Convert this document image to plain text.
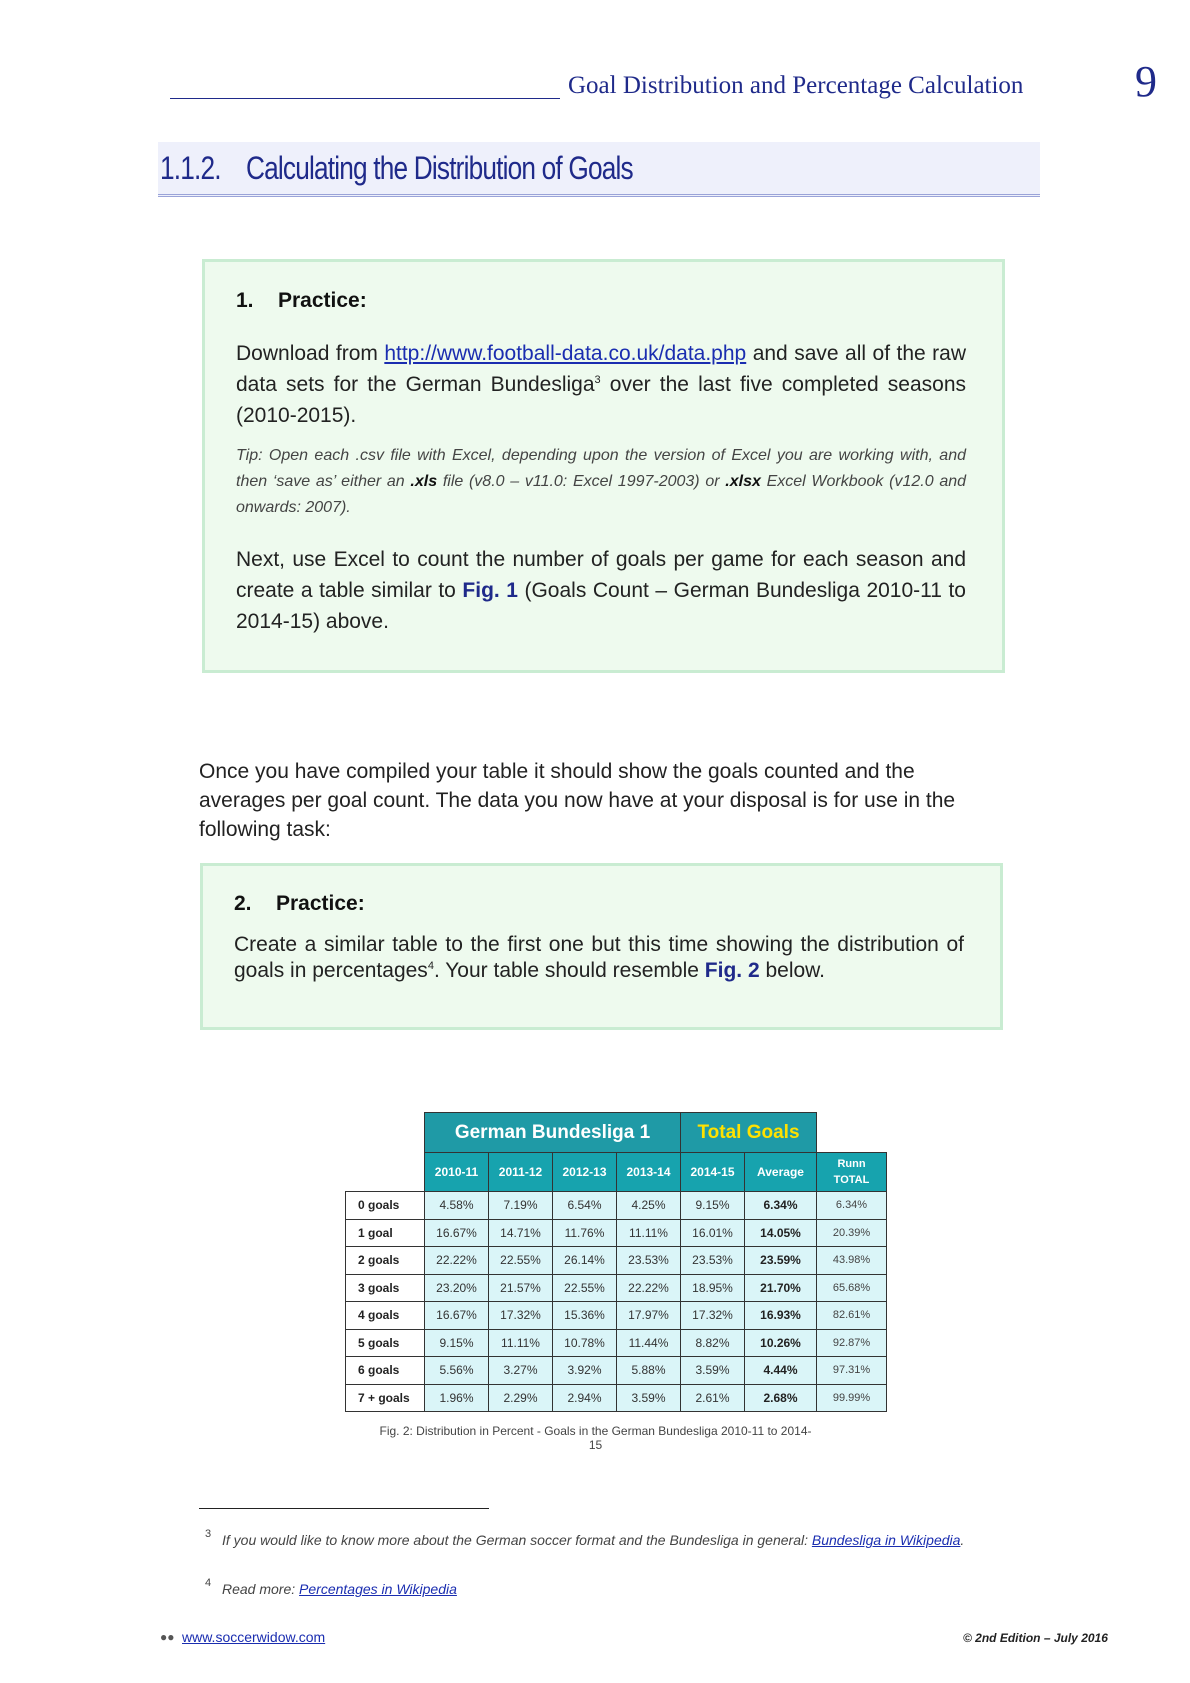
Goal Distribution and Percentage Calculation	9
1.1.2. Calculating the Distribution of Goals
1. Practice:
Download from http://www.football-data.co.uk/data.php and save all of the raw data sets for the German Bundesliga$^3$ over the last five completed seasons (2010-2015).
Tip: Open each .csv file with Excel, depending upon the version of Excel you are working with, and then ‘save as’ either an .xls file (v8.0 – v11.0: Excel 1997-2003) or .xlsx Excel Workbook (v12.0 and onwards: 2007).
Next, use Excel to count the number of goals per game for each season and create a table similar to Fig. 1 (Goals Count – German Bundesliga 2010-11 to 2014-15) above.
Once you have compiled your table it should show the goals counted and the averages per goal count. The data you now have at your disposal is for use in the following task:
2. Practice:
Create a similar table to the first one but this time showing the distribution of goals in percentages$^4$. Your table should resemble Fig. 2 below.
	German Bundesliga 1				Total Goals		
	2010-11	2011-12	2012-13	2013-14	2014-15	Average	Runn
TOTAL
0 goals	4.58%	7.19%	6.54%	4.25%	9.15%	6.34%	6.34%
1 goal	16.67%	14.71%	11.76%	11.11%	16.01%	14.05%	20.39%
2 goals	22.22%	22.55%	26.14%	23.53%	23.53%	23.59%	43.98%
3 goals	23.20%	21.57%	22.55%	22.22%	18.95%	21.70%	65.68%
4 goals	16.67%	17.32%	15.36%	17.97%	17.32%	16.93%	82.61%
5 goals	9.15%	11.11%	10.78%	11.44%	8.82%	10.26%	92.87%
6 goals	5.56%	3.27%	3.92%	5.88%	3.59%	4.44%	97.31%
7 + goals	1.96%	2.29%	2.94%	3.59%	2.61%	2.68%	99.99%
Fig. 2: Distribution in Percent - Goals in the German Bundesliga 2010-11 to 2014-15
3 If you would like to know more about the German soccer format and the Bundesliga in general: Bundesliga in Wikipedia.
4 Read more: Percentages in Wikipedia
●● www.soccerwidow.com	© 2nd Edition – July 2016
